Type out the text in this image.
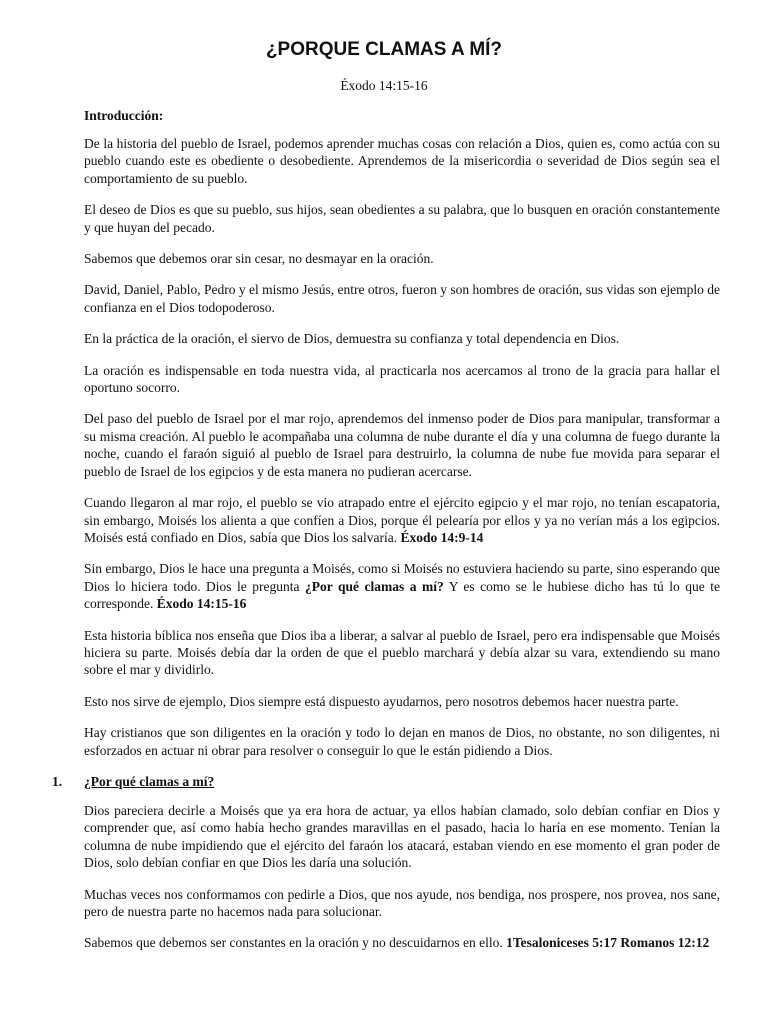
¿PORQUE CLAMAS A MÍ?
Éxodo 14:15-16
Introducción:

De la historia del pueblo de Israel, podemos aprender muchas cosas con relación a Dios, quien es, como actúa con su pueblo cuando este es obediente o desobediente. Aprendemos de la misericordia o severidad de Dios según sea el comportamiento de su pueblo.

El deseo de Dios es que su pueblo, sus hijos, sean obedientes a su palabra, que lo busquen en oración constantemente y que huyan del pecado.

Sabemos que debemos orar sin cesar, no desmayar en la oración.

David, Daniel, Pablo, Pedro y el mismo Jesús, entre otros, fueron y son hombres de oración, sus vidas son ejemplo de confianza en el Dios todopoderoso.

En la práctica de la oración, el siervo de Dios, demuestra su confianza y total dependencia en Dios.

La oración es indispensable en toda nuestra vida, al practicarla nos acercamos al trono de la gracia para hallar el oportuno socorro.

Del paso del pueblo de Israel por el mar rojo, aprendemos del inmenso poder de Dios para manipular, transformar a su misma creación. Al pueblo le acompañaba una columna de nube durante el día y una columna de fuego durante la noche, cuando el faraón siguió al pueblo de Israel para destruirlo, la columna de nube fue movida para separar el pueblo de Israel de los egipcios y de esta manera no pudieran acercarse.

Cuando llegaron al mar rojo, el pueblo se vio atrapado entre el ejército egipcio y el mar rojo, no tenían escapatoria, sin embargo, Moisés los alienta a que confíen a Dios, porque él pelearía por ellos y ya no verían más a los egipcios. Moisés está confiado en Dios, sabía que Dios los salvaría. Éxodo 14:9-14

Sin embargo, Dios le hace una pregunta a Moisés, como si Moisés no estuviera haciendo su parte, sino esperando que Dios lo hiciera todo. Dios le pregunta ¿Por qué clamas a mí? Y es como se le hubiese dicho has tú lo que te corresponde. Éxodo 14:15-16

Esta historia bíblica nos enseña que Dios iba a liberar, a salvar al pueblo de Israel, pero era indispensable que Moisés hiciera su parte. Moisés debía dar la orden de que el pueblo marchará y debía alzar su vara, extendiendo su mano sobre el mar y dividirlo.

Esto nos sirve de ejemplo, Dios siempre está dispuesto ayudarnos, pero nosotros debemos hacer nuestra parte.

Hay cristianos que son diligentes en la oración y todo lo dejan en manos de Dios, no obstante, no son diligentes, ni esforzados en actuar ni obrar para resolver o conseguir lo que le están pidiendo a Dios.

1. ¿Por qué clamas a mí?

Dios pareciera decirle a Moisés que ya era hora de actuar, ya ellos habían clamado, solo debían confiar en Dios y comprender que, así como había hecho grandes maravillas en el pasado, hacia lo haría en ese momento. Tenían la columna de nube impidiendo que el ejército del faraón los atacará, estaban viendo en ese momento el gran poder de Dios, solo debían confiar en que Dios les daría una solución.

Muchas veces nos conformamos con pedirle a Dios, que nos ayude, nos bendiga, nos prospere, nos provea, nos sane, pero de nuestra parte no hacemos nada para solucionar.

Sabemos que debemos ser constantes en la oración y no descuidarnos en ello. 1Tesaloniceses 5:17 Romanos 12:12
